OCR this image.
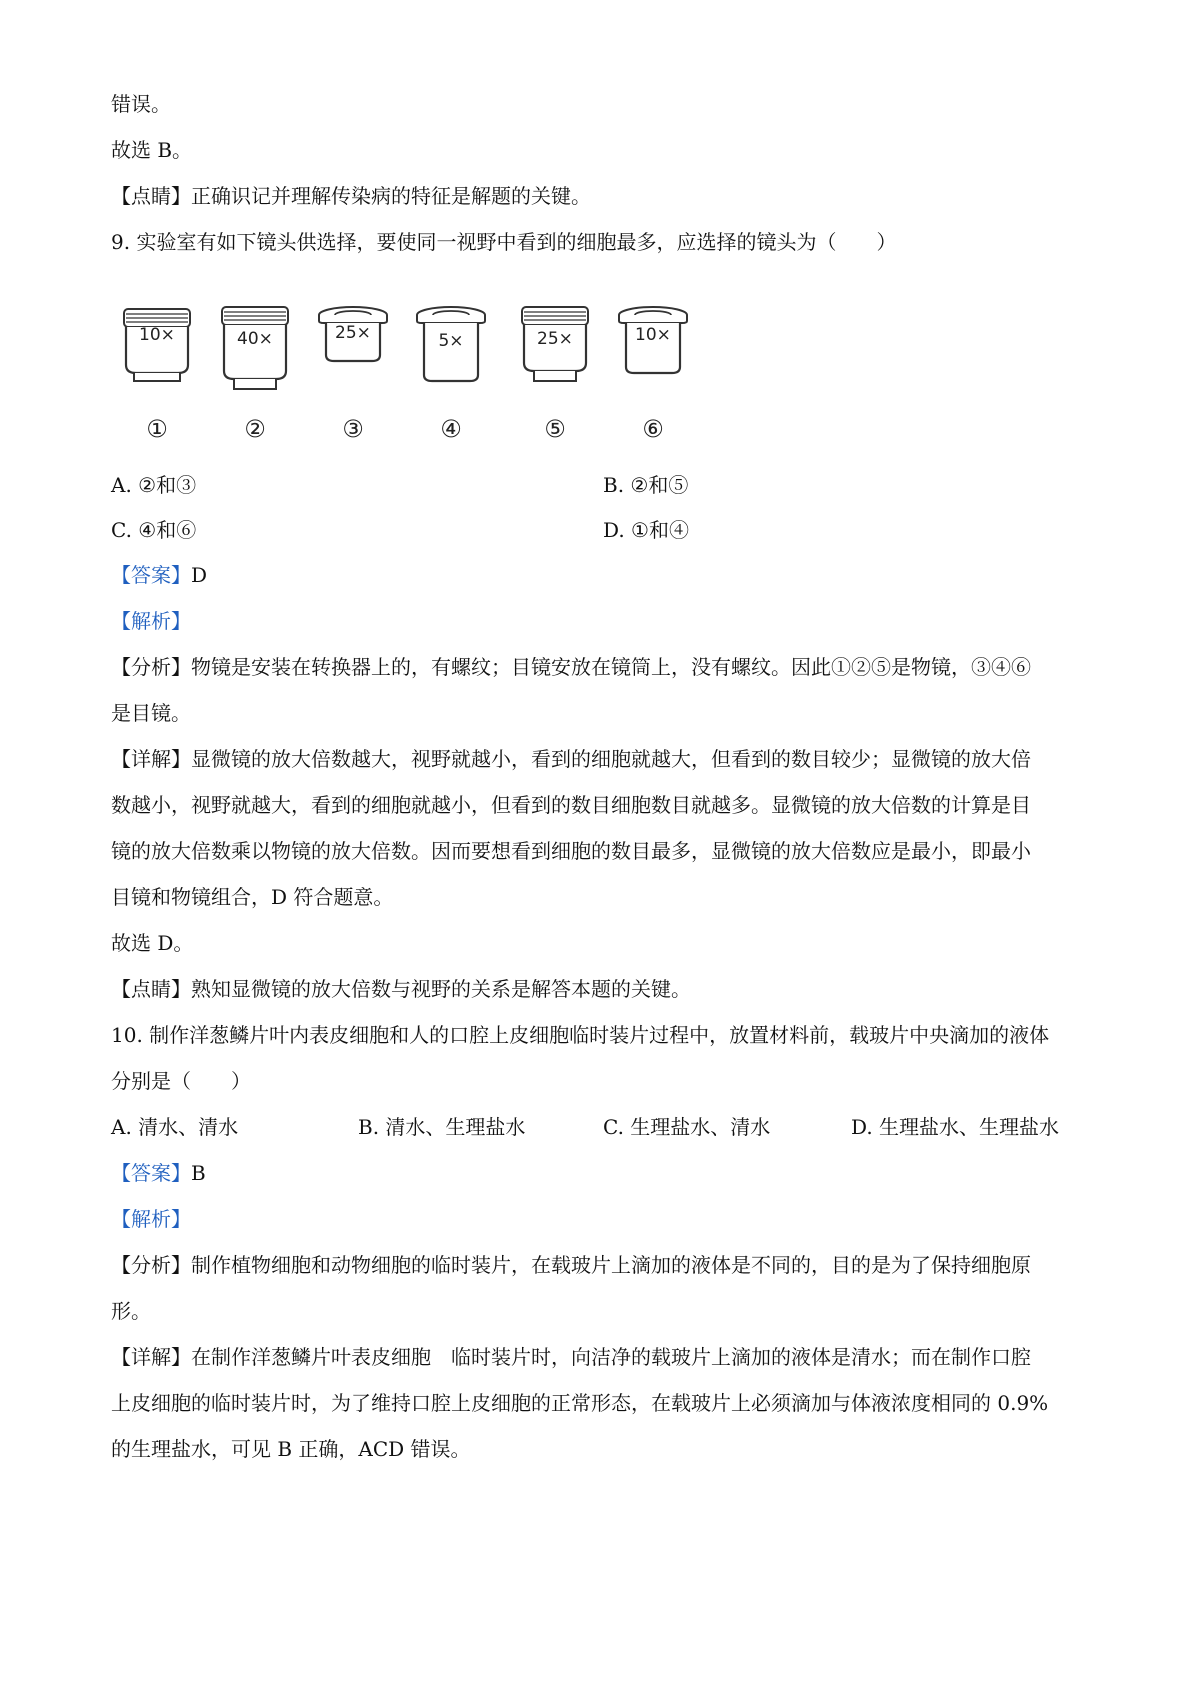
错误。
故选 B。
【点睛】正确识记并理解传染病的特征是解题的关键。
9. 实验室有如下镜头供选择，要使同一视野中看到的细胞最多，应选择的镜头为（　　）
10×
①
40×
②
25×
③
5×
④
25×
⑤
10×
⑥
A. ②和③	B. ②和⑤
C. ④和⑥	D. ①和④
【答案】D
【解析】
【分析】物镜是安装在转换器上的，有螺纹；目镜安放在镜筒上，没有螺纹。因此①②⑤是物镜，③④⑥
是目镜。
【详解】显微镜的放大倍数越大，视野就越小，看到的细胞就越大，但看到的数目较少；显微镜的放大倍
数越小，视野就越大，看到的细胞就越小，但看到的数目细胞数目就越多。显微镜的放大倍数的计算是目
镜的放大倍数乘以物镜的放大倍数。因而要想看到细胞的数目最多，显微镜的放大倍数应是最小，即最小
目镜和物镜组合，D 符合题意。
故选 D。
【点睛】熟知显微镜的放大倍数与视野的关系是解答本题的关键。
10. 制作洋葱鳞片叶内表皮细胞和人的口腔上皮细胞临时装片过程中，放置材料前，载玻片中央滴加的液体
分别是（　　）
A. 清水、清水	B. 清水、生理盐水	C. 生理盐水、清水	D. 生理盐水、生理盐水
【答案】B
【解析】
【分析】制作植物细胞和动物细胞的临时装片，在载玻片上滴加的液体是不同的，目的是为了保持细胞原
形。
【详解】在制作洋葱鳞片叶表皮细胞　临时装片时，向洁净的载玻片上滴加的液体是清水；而在制作口腔
上皮细胞的临时装片时，为了维持口腔上皮细胞的正常形态，在载玻片上必须滴加与体液浓度相同的 0.9%
的生理盐水，可见 B 正确，ACD 错误。
